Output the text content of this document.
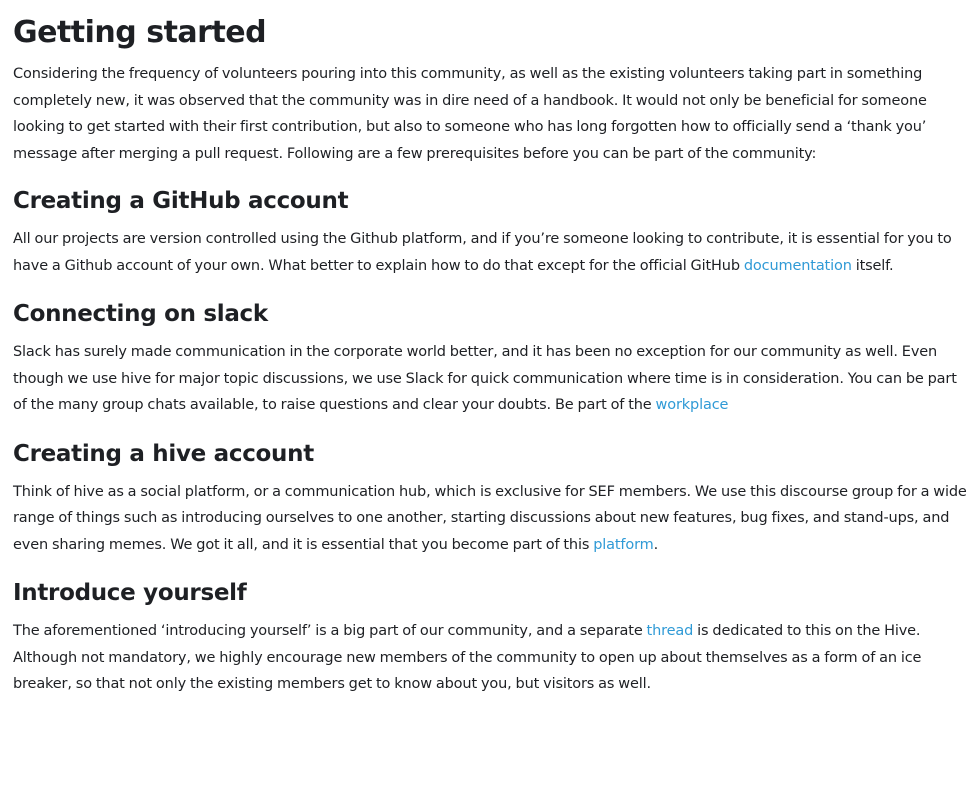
Getting started

Considering the frequency of volunteers pouring into this community, as well as the existing volunteers taking part in something completely new, it was observed that the community was in dire need of a handbook. It would not only be beneficial for someone looking to get started with their first contribution, but also to someone who has long forgotten how to officially send a ‘thank you’ message after merging a pull request. Following are a few prerequisites before you can be part of the community:

Creating a GitHub account

All our projects are version controlled using the Github platform, and if you’re someone looking to contribute, it is essential for you to have a Github account of your own. What better to explain how to do that except for the official GitHub documentation itself.

Connecting on slack

Slack has surely made communication in the corporate world better, and it has been no exception for our community as well. Even though we use hive for major topic discussions, we use Slack for quick communication where time is in consideration. You can be part of the many group chats available, to raise questions and clear your doubts. Be part of the workplace

Creating a hive account

Think of hive as a social platform, or a communication hub, which is exclusive for SEF members. We use this discourse group for a wide range of things such as introducing ourselves to one another, starting discussions about new features, bug fixes, and stand-ups, and even sharing memes. We got it all, and it is essential that you become part of this platform.

Introduce yourself

The aforementioned ‘introducing yourself’ is a big part of our community, and a separate thread is dedicated to this on the Hive. Although not mandatory, we highly encourage new members of the community to open up about themselves as a form of an ice breaker, so that not only the existing members get to know about you, but visitors as well.
